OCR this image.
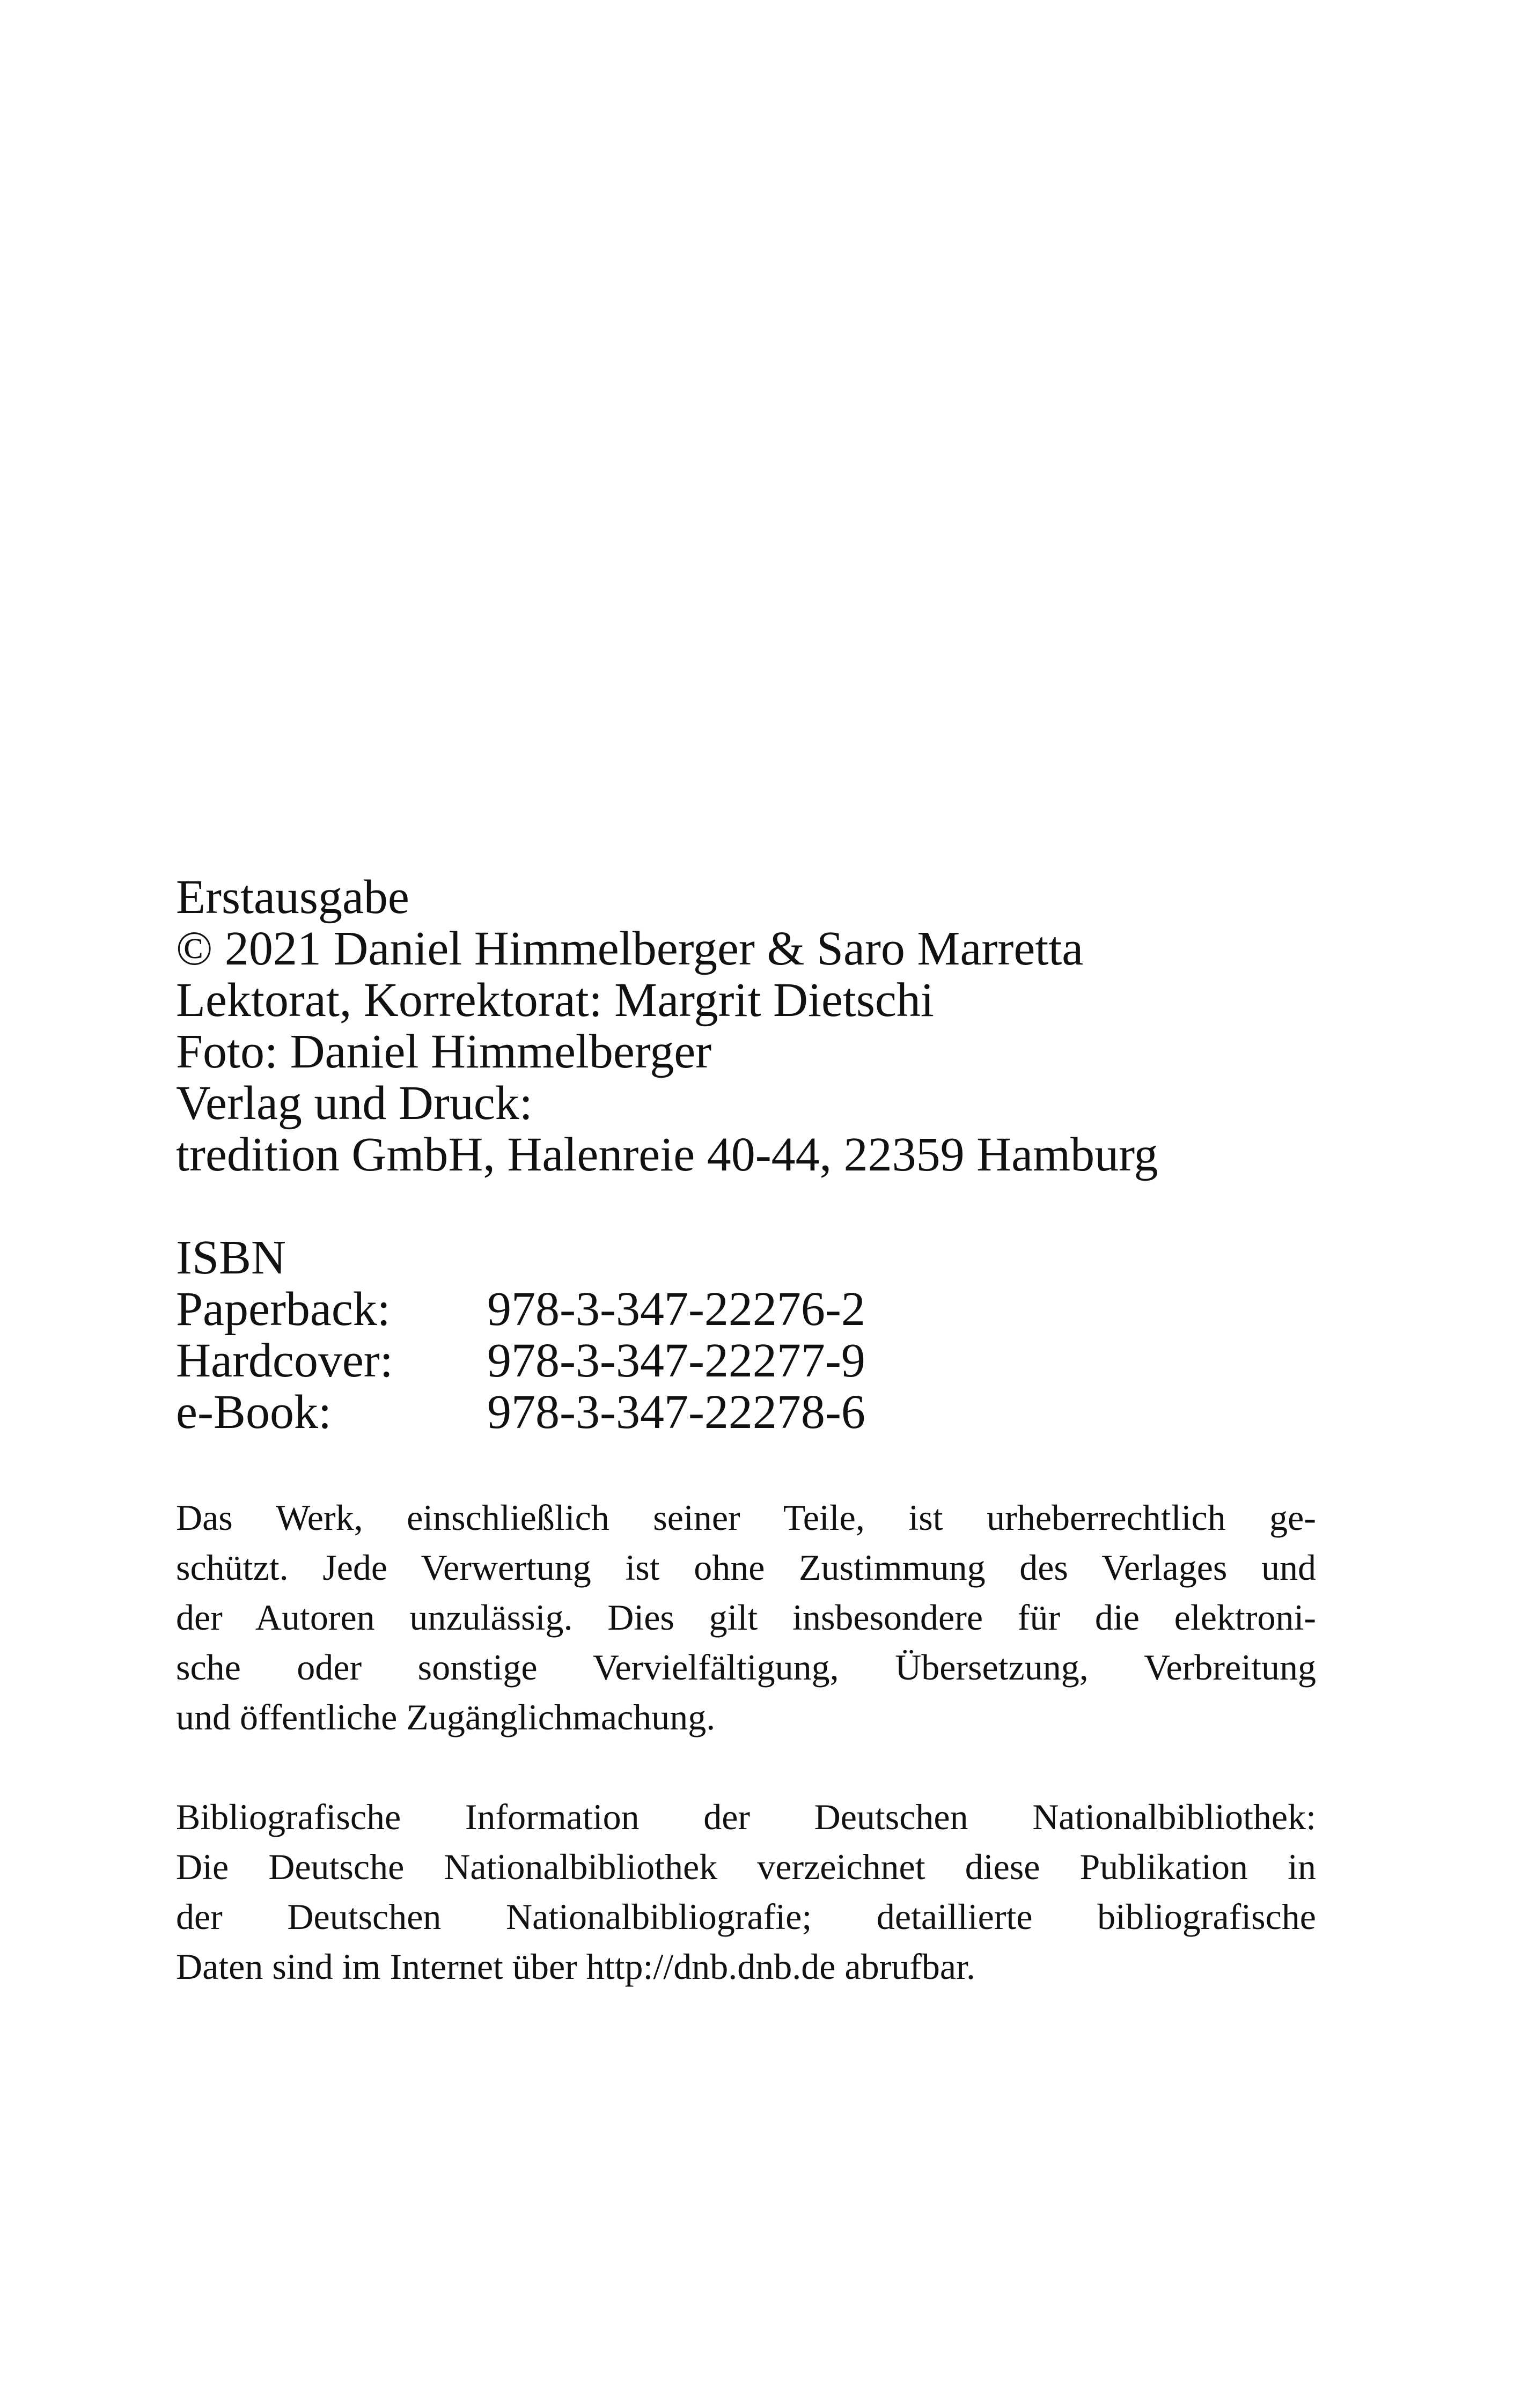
Erstausgabe
© 2021 Daniel Himmelberger & Saro Marretta
Lektorat, Korrektorat: Margrit Dietschi
Foto: Daniel Himmelberger
Verlag und Druck:
tredition GmbH, Halenreie 40-44, 22359 Hamburg
ISBN
Paperback:	978-3-347-22276-2
Hardcover:	978-3-347-22277-9
e-Book:	978-3-347-22278-6

Das Werk, einschließlich seiner Teile, ist urheberrechtlich ge-
schützt. Jede Verwertung ist ohne Zustimmung des Verlages und
der Autoren unzulässig. Dies gilt insbesondere für die elektroni-
sche oder sonstige Vervielfältigung, Übersetzung, Verbreitung
und öffentliche Zugänglichmachung.

Bibliografische Information der Deutschen Nationalbibliothek:
Die Deutsche Nationalbibliothek verzeichnet diese Publikation in
der Deutschen Nationalbibliografie; detaillierte bibliografische
Daten sind im Internet über http://dnb.dnb.de abrufbar.
